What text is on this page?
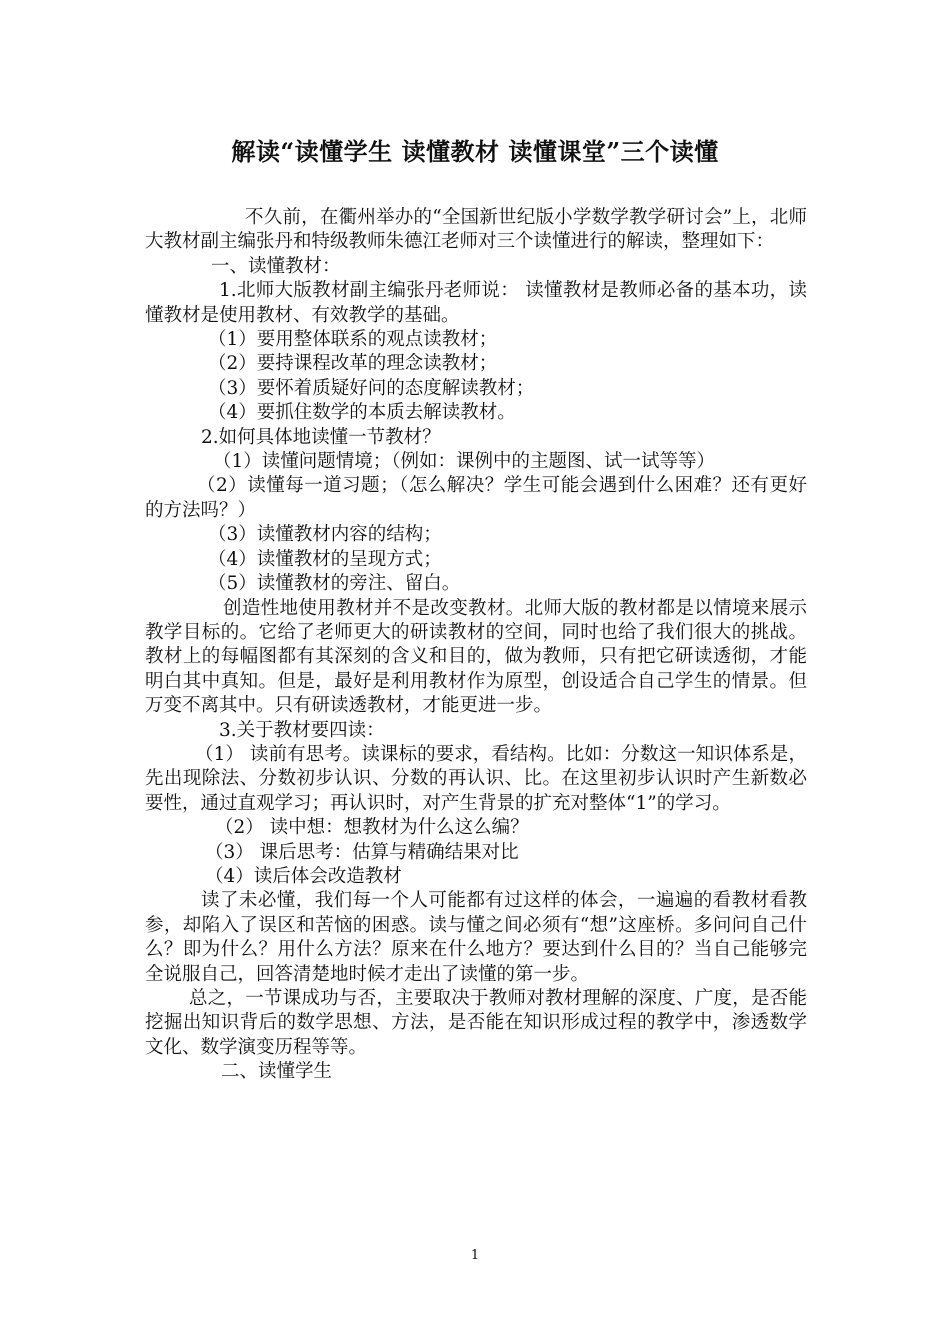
解读“读懂学生 读懂教材 读懂课堂”三个读懂

不久前，在衢州举办的“全国新世纪版小学数学教学研讨会”上，北师大教材副主编张丹和特级教师朱德江老师对三个读懂进行的解读，整理如下：

一、读懂教材：

1.北师大版教材副主编张丹老师说： 读懂教材是教师必备的基本功，读懂教材是使用教材、有效教学的基础。

（1）要用整体联系的观点读教材；

（2）要持课程改革的理念读教材；

（3）要怀着质疑好问的态度解读教材；

（4）要抓住数学的本质去解读教材。

2.如何具体地读懂一节教材？

（1）读懂问题情境；（例如：课例中的主题图、试一试等等）

（2）读懂每一道习题；（怎么解决？学生可能会遇到什么困难？还有更好的方法吗？）

（3）读懂教材内容的结构；

（4）读懂教材的呈现方式；

（5）读懂教材的旁注、留白。

创造性地使用教材并不是改变教材。北师大版的教材都是以情境来展示教学目标的。它给了老师更大的研读教材的空间，同时也给了我们很大的挑战。教材上的每幅图都有其深刻的含义和目的，做为教师，只有把它研读透彻，才能明白其中真知。但是，最好是利用教材作为原型，创设适合自己学生的情景。但万变不离其中。只有研读透教材，才能更进一步。

3.关于教材要四读：

（1） 读前有思考。读课标的要求，看结构。比如：分数这一知识体系是，先出现除法、分数初步认识、分数的再认识、比。在这里初步认识时产生新数必要性，通过直观学习；再认识时，对产生背景的扩充对整体“1”的学习。

（2） 读中想：想教材为什么这么编？

（3） 课后思考：估算与精确结果对比

（4）读后体会改造教材

读了未必懂，我们每一个人可能都有过这样的体会，一遍遍的看教材看教参，却陷入了误区和苦恼的困惑。读与懂之间必须有“想”这座桥。多问问自己什么？即为什么？用什么方法？原来在什么地方？要达到什么目的？当自己能够完全说服自己，回答清楚地时候才走出了读懂的第一步。

总之，一节课成功与否，主要取决于教师对教材理解的深度、广度，是否能挖掘出知识背后的数学思想、方法，是否能在知识形成过程的教学中，渗透数学文化、数学演变历程等等。

二、读懂学生

1
